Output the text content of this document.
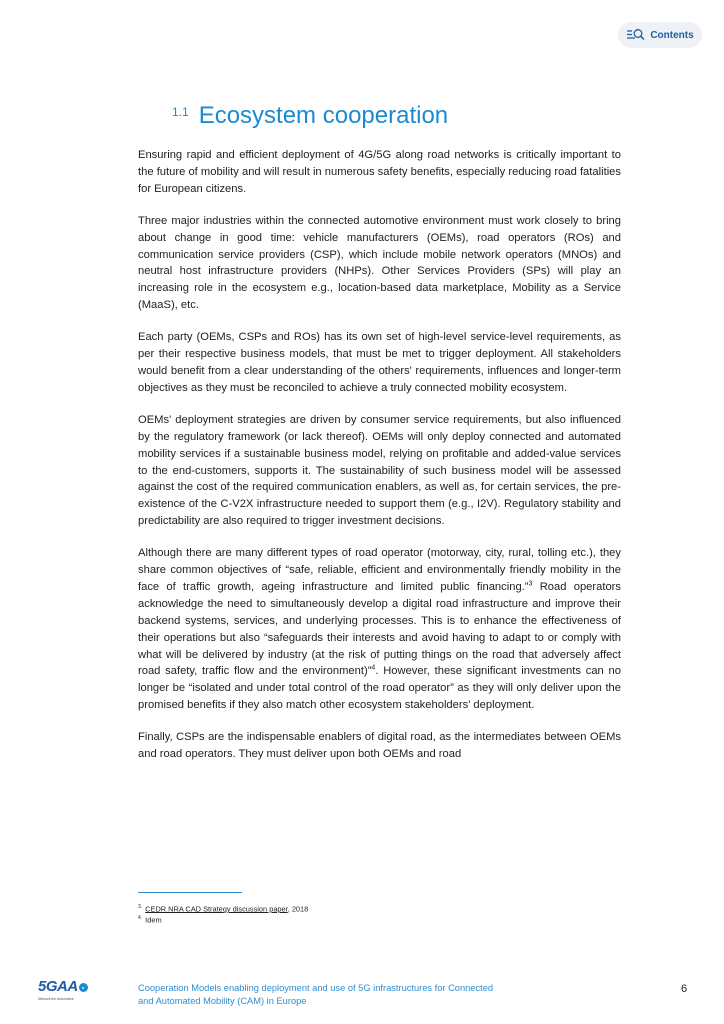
Contents
1.1 Ecosystem cooperation

Ensuring rapid and efficient deployment of 4G/5G along road networks is critically important to the future of mobility and will result in numerous safety benefits, especially reducing road fatalities for European citizens.

Three major industries within the connected automotive environment must work closely to bring about change in good time: vehicle manufacturers (OEMs), road operators (ROs) and communication service providers (CSP), which include mobile network operators (MNOs) and neutral host infrastructure providers (NHPs). Other Services Providers (SPs) will play an increasing role in the ecosystem e.g., location-based data marketplace, Mobility as a Service (MaaS), etc.

Each party (OEMs, CSPs and ROs) has its own set of high-level service-level requirements, as per their respective business models, that must be met to trigger deployment. All stakeholders would benefit from a clear understanding of the others' requirements, influences and longer-term objectives as they must be reconciled to achieve a truly connected mobility ecosystem.

OEMs' deployment strategies are driven by consumer service requirements, but also influenced by the regulatory framework (or lack thereof). OEMs will only deploy connected and automated mobility services if a sustainable business model, relying on profitable and added-value services to the end-customers, supports it. The sustainability of such business model will be assessed against the cost of the required communication enablers, as well as, for certain services, the pre-existence of the C-V2X infrastructure needed to support them (e.g., I2V). Regulatory stability and predictability are also required to trigger investment decisions.

Although there are many different types of road operator (motorway, city, rural, tolling etc.), they share common objectives of “safe, reliable, efficient and environmentally friendly mobility in the face of traffic growth, ageing infrastructure and limited public financing.”$^3$ Road operators acknowledge the need to simultaneously develop a digital road infrastructure and improve their backend systems, services, and underlying processes. This is to enhance the effectiveness of their operations but also “safeguards their interests and avoid having to adapt to or comply with what will be delivered by industry (at the risk of putting things on the road that adversely affect road safety, traffic flow and the environment)”$^4$. However, these significant investments can no longer be “isolated and under total control of the road operator” as they will only deliver upon the promised benefits if they also match other ecosystem stakeholders' deployment.

Finally, CSPs are the indispensable enablers of digital road, as the intermediates between OEMs and road operators. They must deliver upon both OEMs and road

$^{3.}$ CEDR NRA CAD Strategy discussion paper, 2018
$^{4.}$ Idem
5GAA	▸
Network the Automotive
Cooperation Models enabling deployment and use of 5G infrastructures for Connected
and Automated Mobility (CAM) in Europe
6
